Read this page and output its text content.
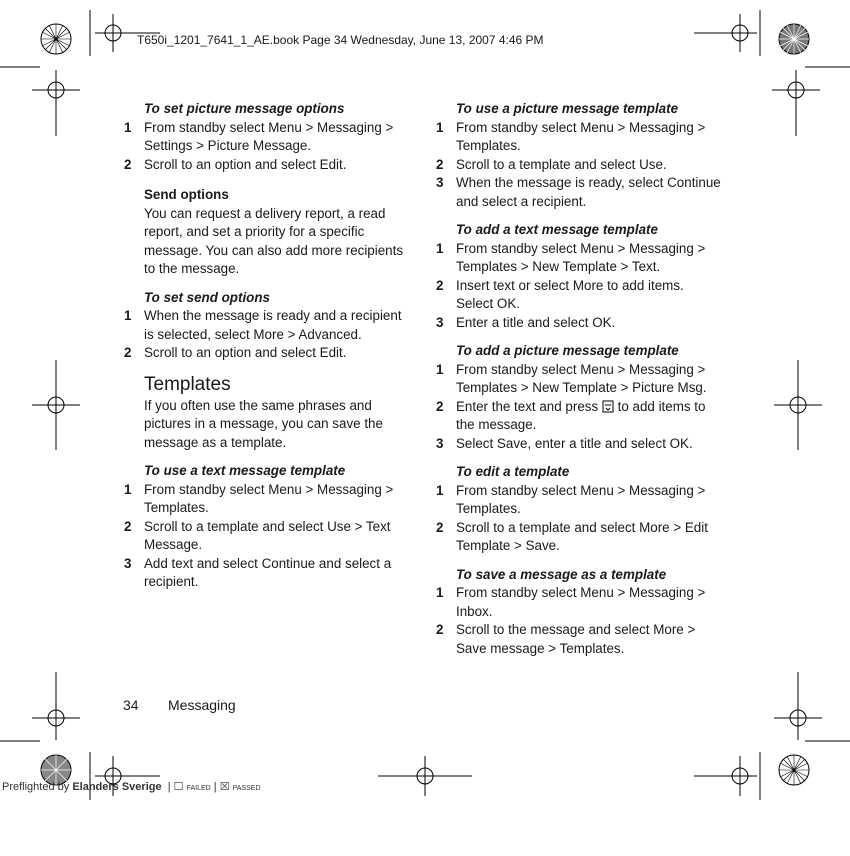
T650i_1201_7641_1_AE.book Page 34 Wednesday, June 13, 2007 4:46 PM
To set picture message options
1 From standby select Menu > Messaging > Settings > Picture Message.
2 Scroll to an option and select Edit.
Send options
You can request a delivery report, a read report, and set a priority for a specific message. You can also add more recipients to the message.
To set send options
1 When the message is ready and a recipient is selected, select More > Advanced.
2 Scroll to an option and select Edit.
Templates
If you often use the same phrases and pictures in a message, you can save the message as a template.
To use a text message template
1 From standby select Menu > Messaging > Templates.
2 Scroll to a template and select Use > Text Message.
3 Add text and select Continue and select a recipient.
To use a picture message template
1 From standby select Menu > Messaging > Templates.
2 Scroll to a template and select Use.
3 When the message is ready, select Continue and select a recipient.
To add a text message template
1 From standby select Menu > Messaging > Templates > New Template > Text.
2 Insert text or select More to add items. Select OK.
3 Enter a title and select OK.
To add a picture message template
1 From standby select Menu > Messaging > Templates > New Template > Picture Msg.
2 Enter the text and press  to add items to the message.
3 Select Save, enter a title and select OK.
To edit a template
1 From standby select Menu > Messaging > Templates.
2 Scroll to a template and select More > Edit Template > Save.
To save a message as a template
1 From standby select Menu > Messaging > Inbox.
2 Scroll to the message and select More > Save message > Templates.
34 Messaging
Preflighted by Elanders Sverige  | ☐ FAILED | ☒ PASSED
